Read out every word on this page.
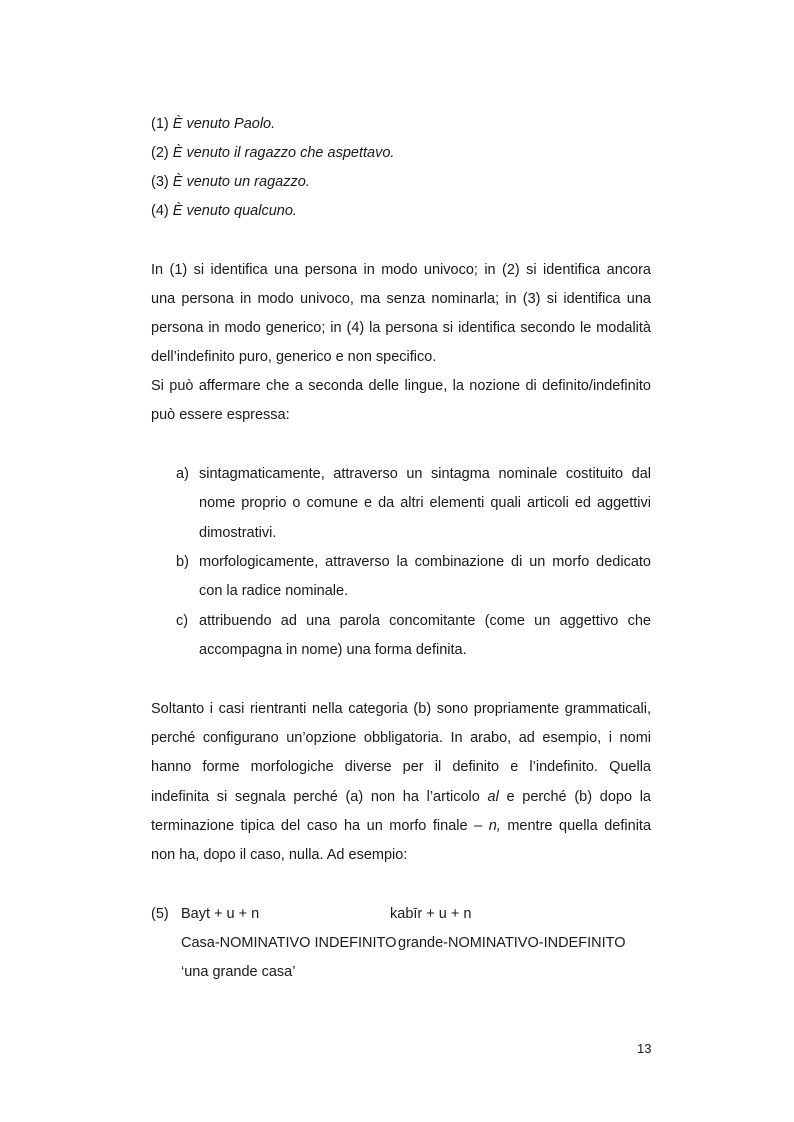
(1) È venuto Paolo.
(2) È venuto il ragazzo che aspettavo.
(3) È venuto un ragazzo.
(4) È venuto qualcuno.
In (1) si identifica una persona in modo univoco; in (2) si identifica ancora
una persona in modo univoco, ma senza nominarla; in (3) si identifica una
persona in modo generico; in (4) la persona si identifica secondo le modalità
dell’indefinito puro, generico e non specifico.
Si può affermare che a seconda delle lingue, la nozione di definito/indefinito
può essere espressa:
a) sintagmaticamente, attraverso un sintagma nominale costituito dal
nome proprio o comune e da altri elementi quali articoli ed aggettivi
dimostrativi.
b) morfologicamente, attraverso la combinazione di un morfo dedicato
con la radice nominale.
c) attribuendo ad una parola concomitante (come un aggettivo che
accompagna in nome) una forma definita.
Soltanto i casi rientranti nella categoria (b) sono propriamente grammaticali,
perché configurano un’opzione obbligatoria. In arabo, ad esempio, i nomi
hanno forme morfologiche diverse per il definito e l’indefinito. Quella
indefinita si segnala perché (a) non ha l’articolo al e perché (b) dopo la
terminazione tipica del caso ha un morfo finale – n, mentre quella definita
non ha, dopo il caso, nulla. Ad esempio:
(5) Bayt + u + n	kabīr + u + n
Casa-NOMINATIVO INDEFINITO grande-NOMINATIVO-INDEFINITO
‘una grande casa’
13
